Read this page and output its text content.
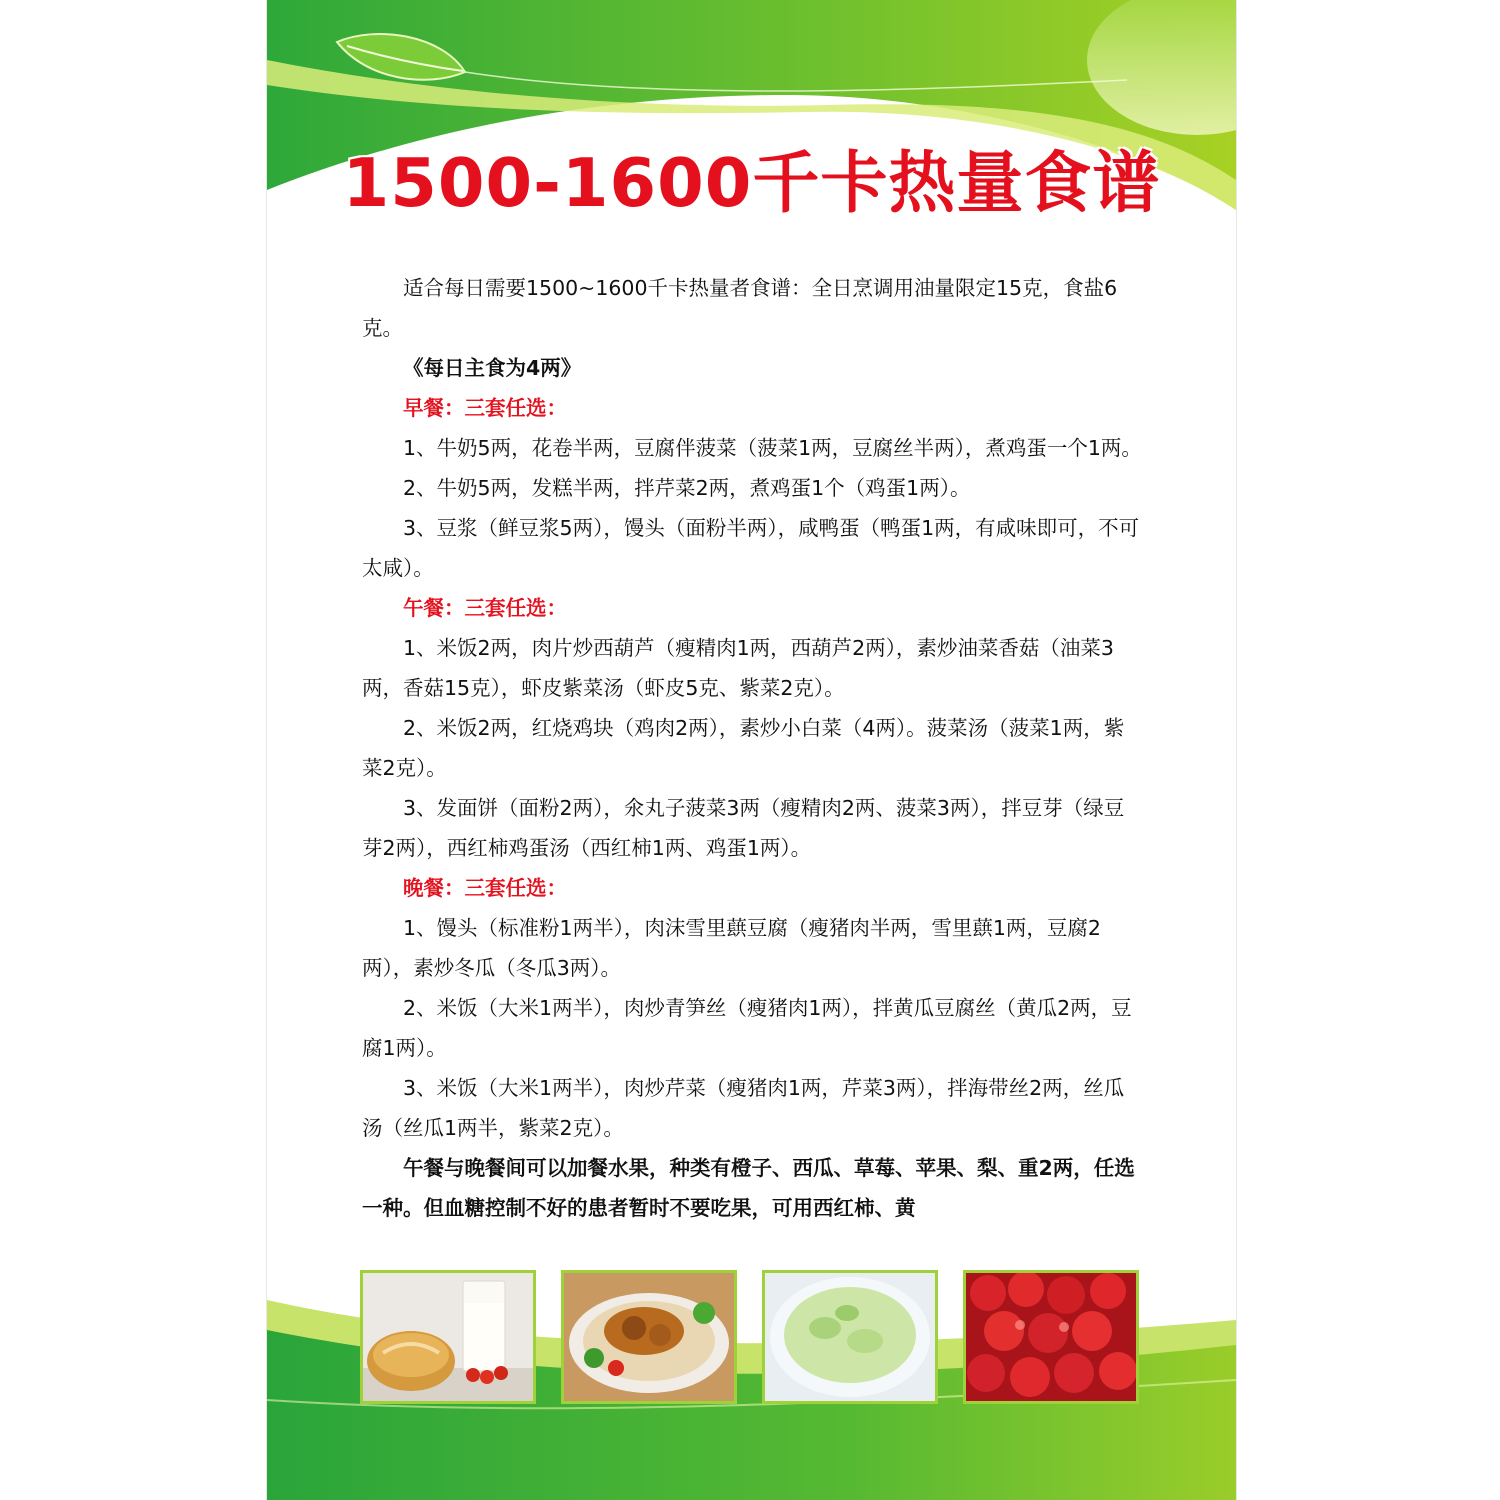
1500-1600千卡热量食谱

适合每日需要1500~1600千卡热量者食谱：全日烹调用油量限定15克，食盐6克。

《每日主食为4两》

早餐：三套任选：

1、牛奶5两，花卷半两，豆腐伴菠菜（菠菜1两，豆腐丝半两），煮鸡蛋一个1两。

2、牛奶5两，发糕半两，拌芹菜2两，煮鸡蛋1个（鸡蛋1两）。

3、豆浆（鲜豆浆5两），馒头（面粉半两），咸鸭蛋（鸭蛋1两，有咸味即可，不可太咸）。

午餐：三套任选：

1、米饭2两，肉片炒西葫芦（瘦精肉1两，西葫芦2两），素炒油菜香菇（油菜3两，香菇15克），虾皮紫菜汤（虾皮5克、紫菜2克）。

2、米饭2两，红烧鸡块（鸡肉2两），素炒小白菜（4两）。菠菜汤（菠菜1两，紫菜2克）。

3、发面饼（面粉2两），氽丸子菠菜3两（瘦精肉2两、菠菜3两），拌豆芽（绿豆芽2两），西红柿鸡蛋汤（西红柿1两、鸡蛋1两）。

晚餐：三套任选：

1、馒头（标准粉1两半），肉沫雪里蕻豆腐（瘦猪肉半两，雪里蕻1两，豆腐2两），素炒冬瓜（冬瓜3两）。

2、米饭（大米1两半），肉炒青笋丝（瘦猪肉1两），拌黄瓜豆腐丝（黄瓜2两，豆腐1两）。

3、米饭（大米1两半），肉炒芹菜（瘦猪肉1两，芹菜3两），拌海带丝2两，丝瓜汤（丝瓜1两半，紫菜2克）。

午餐与晚餐间可以加餐水果，种类有橙子、西瓜、草莓、苹果、梨、重2两，任选一种。但血糖控制不好的患者暂时不要吃果，可用西红柿、黄
